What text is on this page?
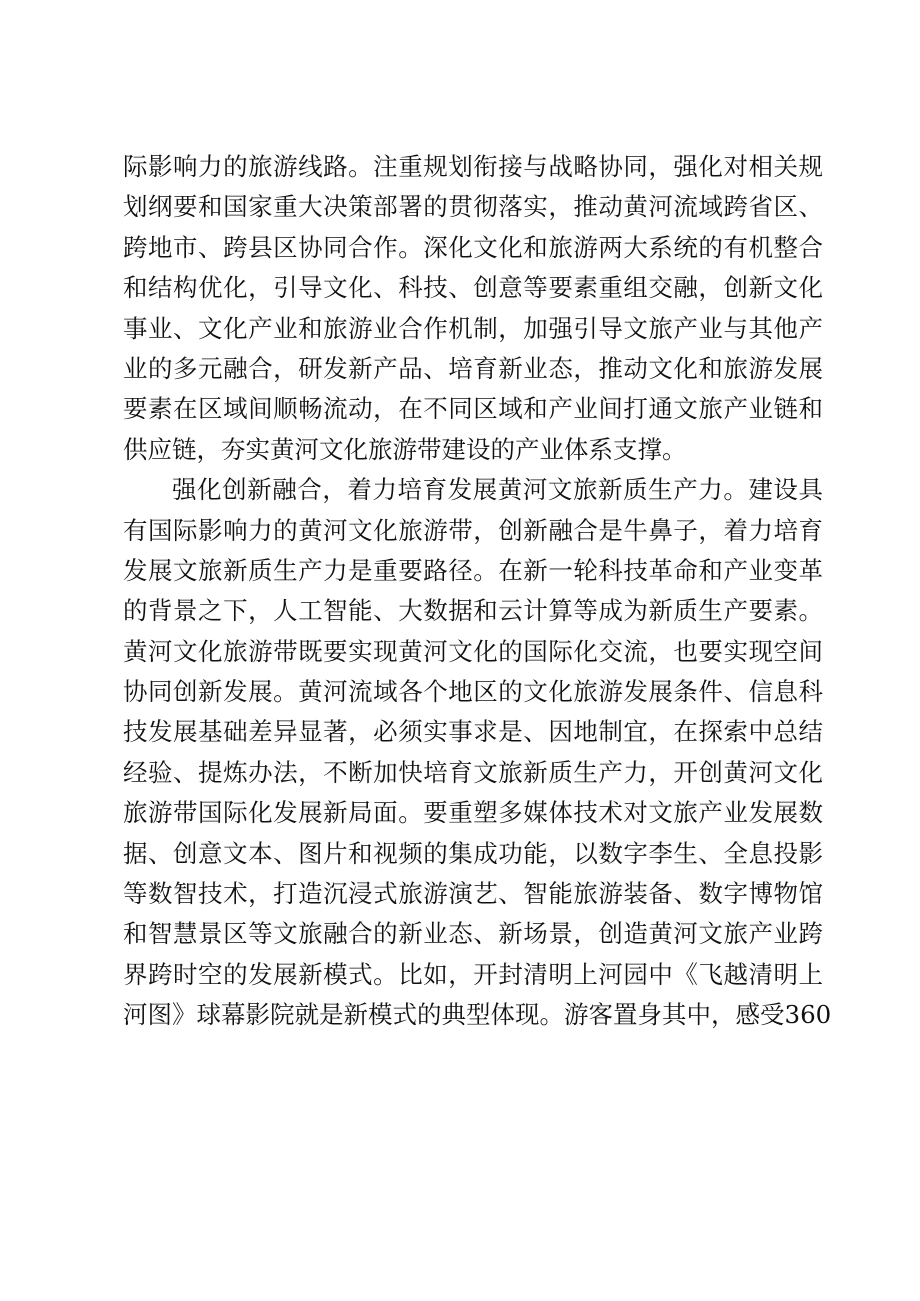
际影响力的旅游线路。注重规划衔接与战略协同，强化对相关规
划纲要和国家重大决策部署的贯彻落实，推动黄河流域跨省区、
跨地市、跨县区协同合作。深化文化和旅游两大系统的有机整合
和结构优化，引导文化、科技、创意等要素重组交融，创新文化
事业、文化产业和旅游业合作机制，加强引导文旅产业与其他产
业的多元融合，研发新产品、培育新业态，推动文化和旅游发展
要素在区域间顺畅流动，在不同区域和产业间打通文旅产业链和
供应链，夯实黄河文化旅游带建设的产业体系支撑。
强化创新融合，着力培育发展黄河文旅新质生产力。建设具
有国际影响力的黄河文化旅游带，创新融合是牛鼻子，着力培育
发展文旅新质生产力是重要路径。在新一轮科技革命和产业变革
的背景之下，人工智能、大数据和云计算等成为新质生产要素。
黄河文化旅游带既要实现黄河文化的国际化交流，也要实现空间
协同创新发展。黄河流域各个地区的文化旅游发展条件、信息科
技发展基础差异显著，必须实事求是、因地制宜，在探索中总结
经验、提炼办法，不断加快培育文旅新质生产力，开创黄河文化
旅游带国际化发展新局面。要重塑多媒体技术对文旅产业发展数
据、创意文本、图片和视频的集成功能，以数字李生、全息投影
等数智技术，打造沉浸式旅游演艺、智能旅游装备、数字博物馆
和智慧景区等文旅融合的新业态、新场景，创造黄河文旅产业跨
界跨时空的发展新模式。比如，开封清明上河园中《飞越清明上
河图》球幕影院就是新模式的典型体现。游客置身其中，感受360
